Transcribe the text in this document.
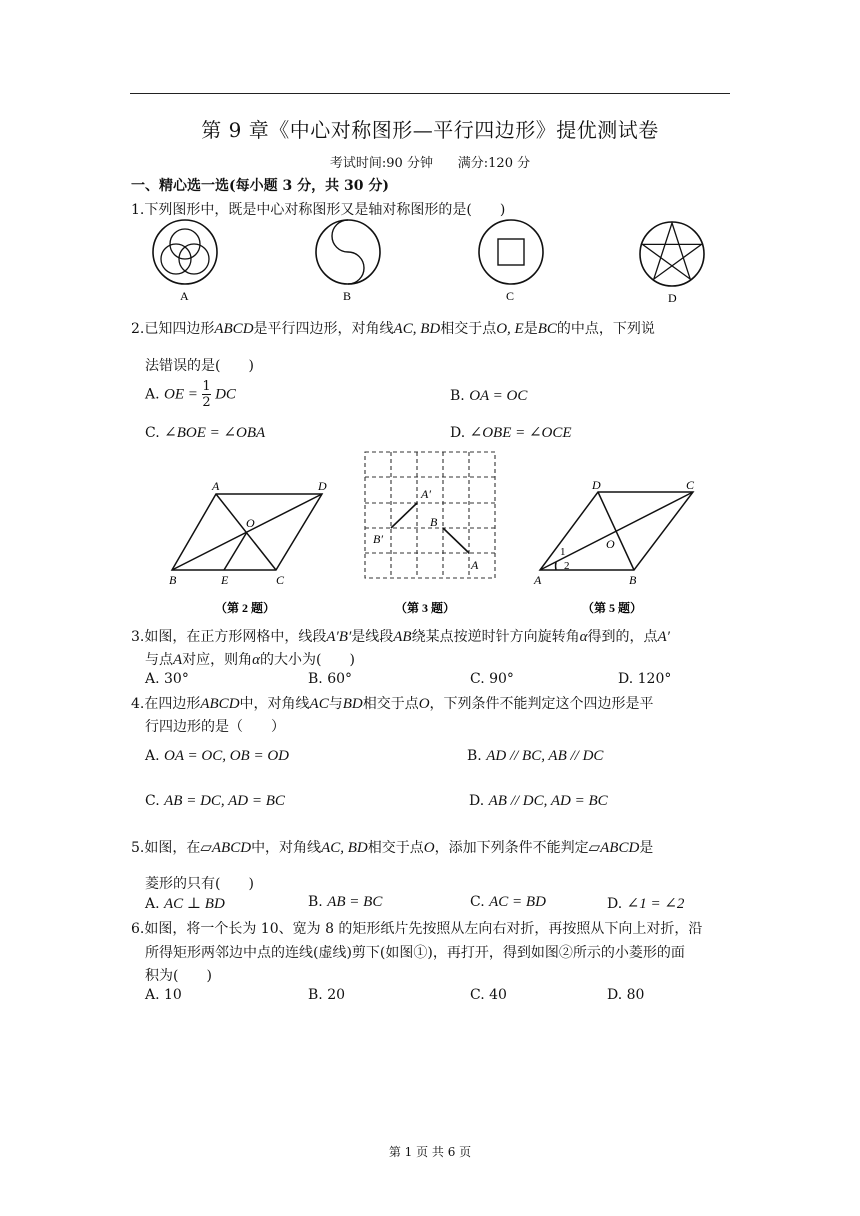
第 9 章《中心对称图形—平行四边形》提优测试卷
考试时间:90 分钟 满分:120 分
一、精心选一选(每小题 3 分，共 30 分)
1.下列图形中，既是中心对称图形又是轴对称图形的是(　　)
A	B	C	D
2.已知四边形ABCD是平行四边形，对角线AC, BD相交于点O, E是BC的中点，下列说
法错误的是(　　)
A. OE = $\frac{1}{2}$ DC	B. OA = OC
C. ∠BOE = ∠OBA	D. ∠OBE = ∠OCE
A	D
O
B	E	C
（第 2 题）
A′
B
B′
A
（第 3 题）
D	C
O
A	B
1
2
（第 5 题）
3.如图，在正方形网格中，线段A′B′是线段AB绕某点按逆时针方向旋转角α得到的，点A′
与点A对应，则角α的大小为(　　)
A. 30°	B. 60°	C. 90°	D. 120°
4.在四边形ABCD中，对角线AC与BD相交于点O，下列条件不能判定这个四边形是平
行四边形的是（　　）
A. OA = OC, OB = OD	B. AD // BC, AB // DC
C. AB = DC, AD = BC	D. AB // DC, AD = BC
5.如图，在▱ABCD中，对角线AC, BD相交于点O，添加下列条件不能判定▱ABCD是
菱形的只有(　　)
A. AC ⊥ BD	B. AB = BC	C. AC = BD	D. ∠1 = ∠2
6.如图，将一个长为 10、宽为 8 的矩形纸片先按照从左向右对折，再按照从下向上对折，沿
所得矩形两邻边中点的连线(虚线)剪下(如图①)，再打开，得到如图②所示的小菱形的面
积为(　　)
A. 10	B. 20	C. 40	D. 80
第 1 页 共 6 页
